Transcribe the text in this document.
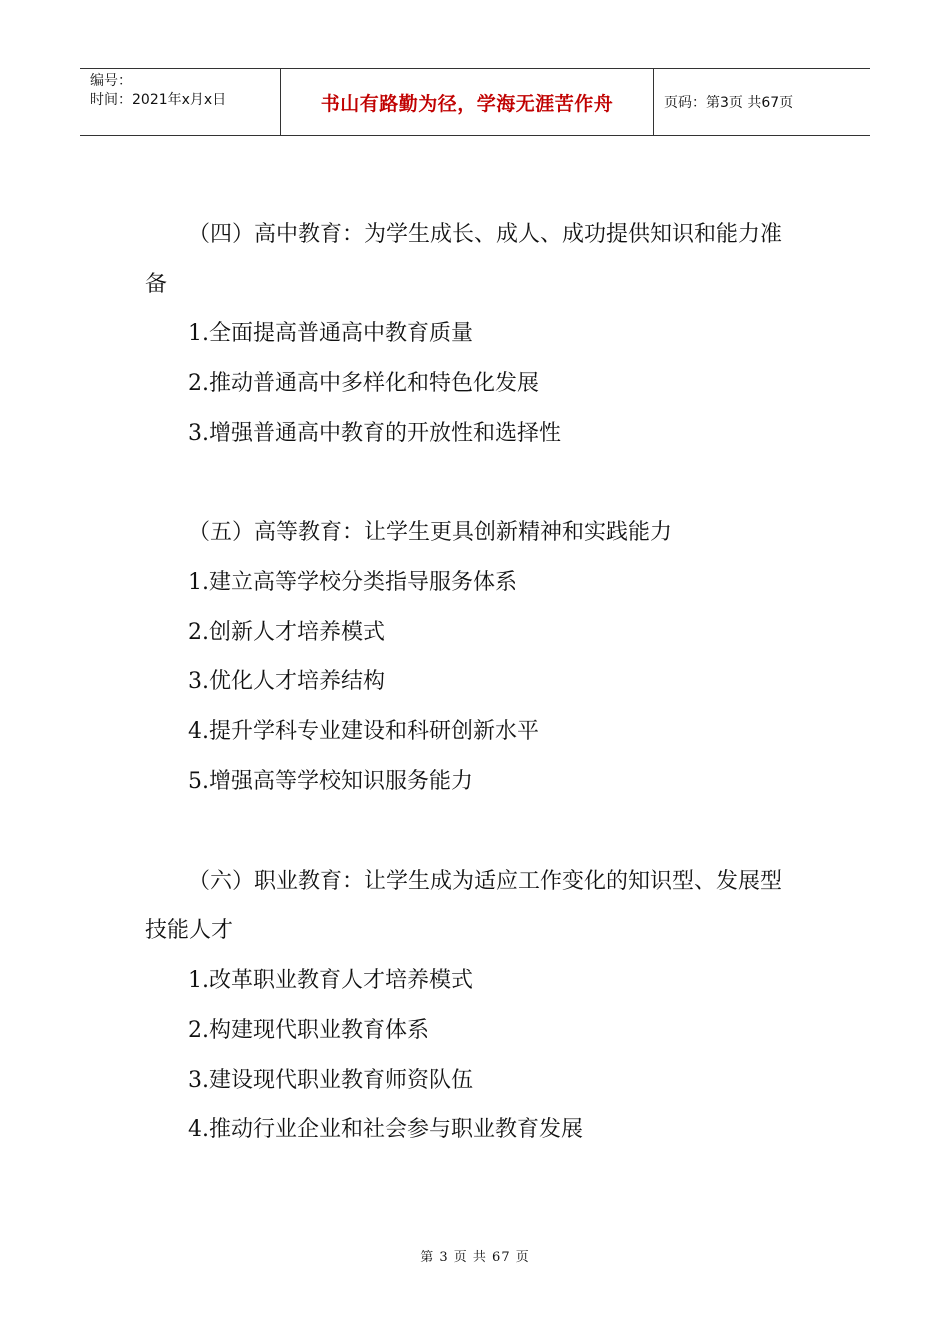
编号：
时间：2021年x月x日	书山有路勤为径，学海无涯苦作舟	页码：第3页 共67页
（四）高中教育：为学生成长、成人、成功提供知识和能力准
备
1.全面提高普通高中教育质量
2.推动普通高中多样化和特色化发展
3.增强普通高中教育的开放性和选择性
（五）高等教育：让学生更具创新精神和实践能力
1.建立高等学校分类指导服务体系
2.创新人才培养模式
3.优化人才培养结构
4.提升学科专业建设和科研创新水平
5.增强高等学校知识服务能力
（六）职业教育：让学生成为适应工作变化的知识型、发展型
技能人才
1.改革职业教育人才培养模式
2.构建现代职业教育体系
3.建设现代职业教育师资队伍
4.推动行业企业和社会参与职业教育发展
第 3 页 共 67 页
